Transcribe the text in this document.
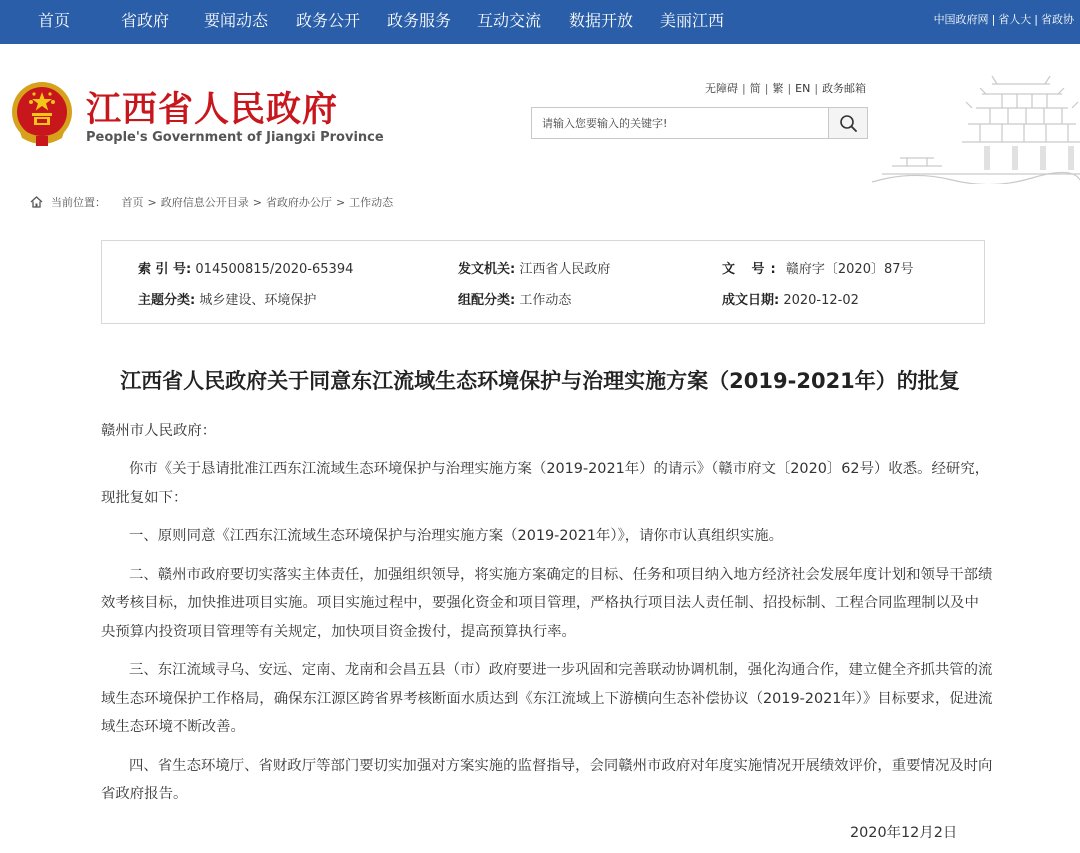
首页	省政府 要闻动态 政务公开 政务服务 互动交流 数据开放 美丽江西	中国政府网 | 省人大 | 省政协
江西省人民政府
People's Government of Jiangxi Province
无障碍 | 简 | 繁 | EN | 政务邮箱
请输入您要输入的关键字!
当前位置： 首页 > 政府信息公开目录 > 省政府办公厅 > 工作动态
索 引 号: 014500815/2020-65394	发文机关: 江西省人民政府	文 号: 赣府字〔2020〕87号
主题分类: 城乡建设、环境保护	组配分类: 工作动态	成文日期: 2020-12-02
江西省人民政府关于同意东江流域生态环境保护与治理实施方案（2019-2021年）的批复

赣州市人民政府：

你市《关于恳请批准江西东江流域生态环境保护与治理实施方案（2019-2021年）的请示》（赣市府文〔2020〕62号）收悉。经研究，现批复如下：

一、原则同意《江西东江流域生态环境保护与治理实施方案（2019-2021年）》，请你市认真组织实施。

二、赣州市政府要切实落实主体责任，加强组织领导，将实施方案确定的目标、任务和项目纳入地方经济社会发展年度计划和领导干部绩效考核目标，加快推进项目实施。项目实施过程中，要强化资金和项目管理，严格执行项目法人责任制、招投标制、工程合同监理制以及中央预算内投资项目管理等有关规定，加快项目资金拨付，提高预算执行率。

三、东江流域寻乌、安远、定南、龙南和会昌五县（市）政府要进一步巩固和完善联动协调机制，强化沟通合作，建立健全齐抓共管的流域生态环境保护工作格局，确保东江源区跨省界考核断面水质达到《东江流域上下游横向生态补偿协议（2019-2021年）》目标要求，促进流域生态环境不断改善。

四、省生态环境厅、省财政厅等部门要切实加强对方案实施的监督指导，会同赣州市政府对年度实施情况开展绩效评价，重要情况及时向省政府报告。

2020年12月2日
